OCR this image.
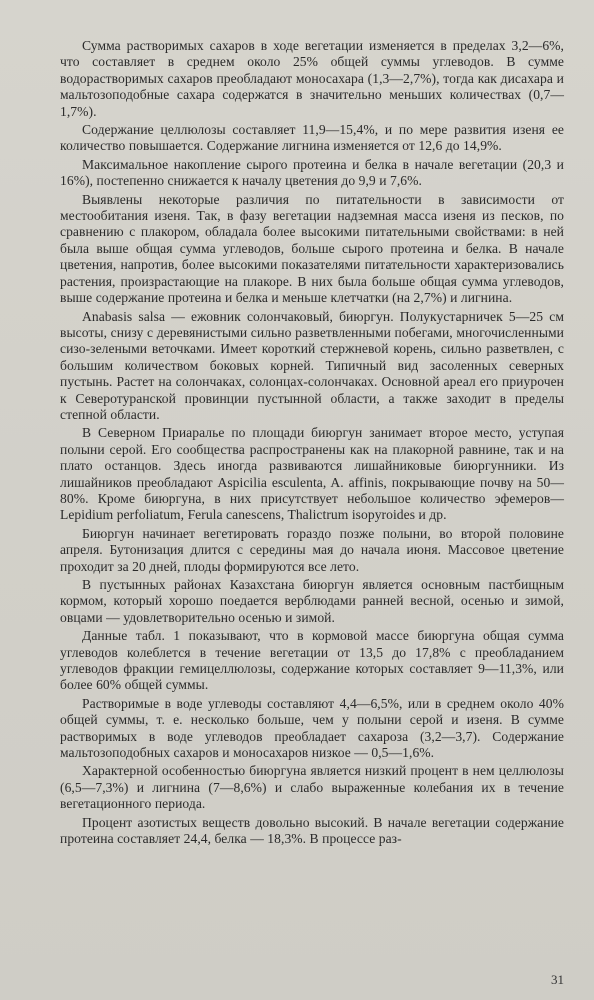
Сумма растворимых сахаров в ходе вегетации изменяется в пределах 3,2—6%, что составляет в среднем около 25% общей суммы углеводов. В сумме водорастворимых сахаров преобладают моносахара (1,3—2,7%), тогда как дисахара и мальтозоподобные сахара содержатся в значительно меньших количествах (0,7—1,7%).

Содержание целлюлозы составляет 11,9—15,4%, и по мере развития изеня ее количество повышается. Содержание лигнина изменяется от 12,6 до 14,9%.

Максимальное накопление сырого протеина и белка в начале вегетации (20,3 и 16%), постепенно снижается к началу цветения до 9,9 и 7,6%.

Выявлены некоторые различия по питательности в зависимости от местообитания изеня. Так, в фазу вегетации надземная масса изеня из песков, по сравнению с плакором, обладала более высокими питательными свойствами: в ней была выше общая сумма углеводов, больше сырого протеина и белка. В начале цветения, напротив, более высокими показателями питательности характеризовались растения, произрастающие на плакоре. В них была больше общая сумма углеводов, выше содержание протеина и белка и меньше клетчатки (на 2,7%) и лигнина.

Anabasis salsa — ежовник солончаковый, биюргун. Полукустарничек 5—25 см высоты, снизу с деревянистыми сильно разветвленными побегами, многочисленными сизо-зелеными веточками. Имеет короткий стержневой корень, сильно разветвлен, с большим количеством боковых корней. Типичный вид засоленных северных пустынь. Растет на солончаках, солонцах-солончаках. Основной ареал его приурочен к Северотуранской провинции пустынной области, а также заходит в пределы степной области.

В Северном Приаралье по площади биюргун занимает второе место, уступая полыни серой. Его сообщества распространены как на плакорной равнине, так и на плато останцов. Здесь иногда развиваются лишайниковые биюргунники. Из лишайников преобладают Aspicilia esculenta, A. affinis, покрывающие почву на 50—80%. Кроме биюргуна, в них присутствует небольшое количество эфемеров—Lepidium perfoliatum, Ferula canescens, Thalictrum isopyroides и др.

Биюргун начинает вегетировать гораздо позже полыни, во второй половине апреля. Бутонизация длится с середины мая до начала июня. Массовое цветение проходит за 20 дней, плоды формируются все лето.

В пустынных районах Казахстана биюргун является основным пастбищным кормом, который хорошо поедается верблюдами ранней весной, осенью и зимой, овцами — удовлетворительно осенью и зимой.

Данные табл. 1 показывают, что в кормовой массе биюргуна общая сумма углеводов колеблется в течение вегетации от 13,5 до 17,8% с преобладанием углеводов фракции гемицеллюлозы, содержание которых составляет 9—11,3%, или более 60% общей суммы.

Растворимые в воде углеводы составляют 4,4—6,5%, или в среднем около 40% общей суммы, т. е. несколько больше, чем у полыни серой и изеня. В сумме растворимых в воде углеводов преобладает сахароза (3,2—3,7). Содержание мальтозоподобных сахаров и моносахаров низкое — 0,5—1,6%.

Характерной особенностью биюргуна является низкий процент в нем целлюлозы (6,5—7,3%) и лигнина (7—8,6%) и слабо выраженные колебания их в течение вегетационного периода.

Процент азотистых веществ довольно высокий. В начале вегетации содержание протеина составляет 24,4, белка — 18,3%. В процессе раз-

31
